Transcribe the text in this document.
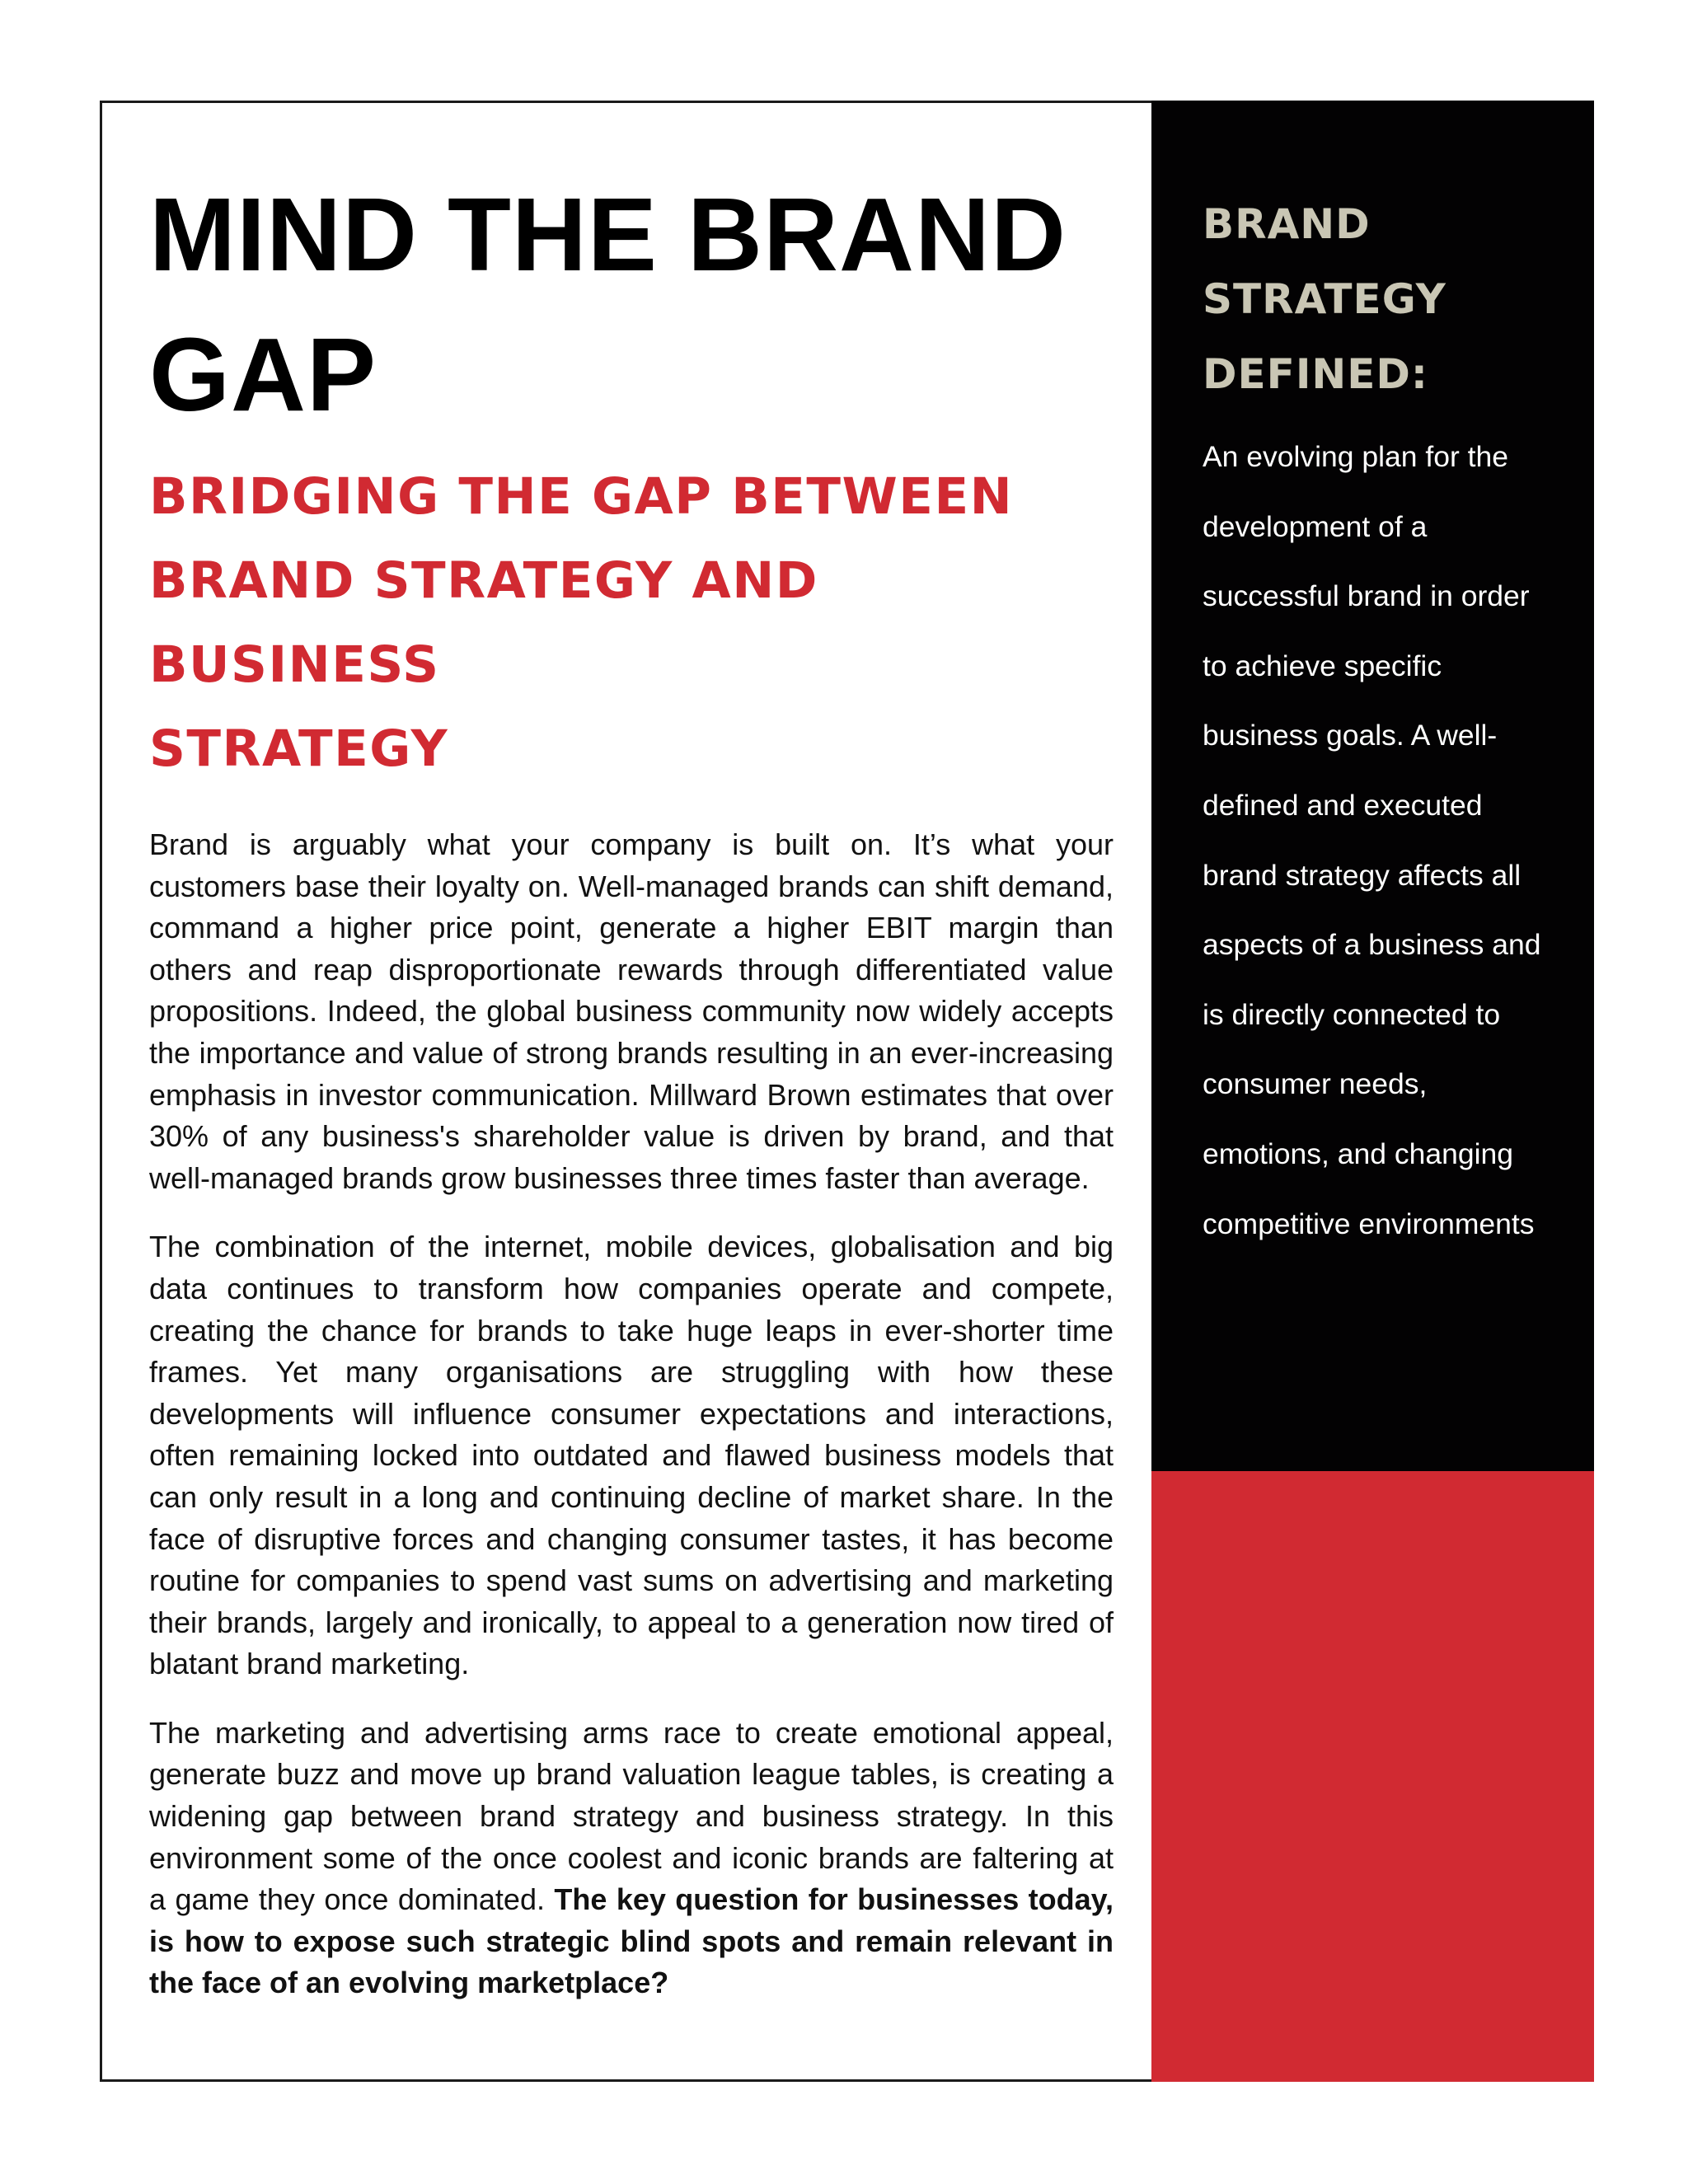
MIND THE BRAND
GAP
BRIDGING THE GAP BETWEEN
BRAND STRATEGY AND BUSINESS
STRATEGY

Brand is arguably what your company is built on. It’s what your customers base their loyalty on. Well-managed brands can shift demand, command a higher price point, generate a higher EBIT margin than others and reap disproportionate rewards through differentiated value propositions. Indeed, the global business community now widely accepts the importance and value of strong brands resulting in an ever-increasing emphasis in investor communication. Millward Brown estimates that over 30% of any business's shareholder value is driven by brand, and that well-managed brands grow businesses three times faster than average.

The combination of the internet, mobile devices, globalisation and big data continues to transform how companies operate and compete, creating the chance for brands to take huge leaps in ever-shorter time frames. Yet many organisations are struggling with how these developments will influence consumer expectations and interactions, often remaining locked into outdated and flawed business models that can only result in a long and continuing decline of market share. In the face of disruptive forces and changing consumer tastes, it has become routine for companies to spend vast sums on advertising and marketing their brands, largely and ironically, to appeal to a generation now tired of blatant brand marketing.

The marketing and advertising arms race to create emotional appeal, generate buzz and move up brand valuation league tables, is creating a widening gap between brand strategy and business strategy. In this environment some of the once coolest and iconic brands are faltering at a game they once dominated. The key question for businesses today, is how to expose such strategic blind spots and remain relevant in the face of an evolving marketplace?

BRAND
STRATEGY
DEFINED:

An evolving plan for the
development of a
successful brand in order
to achieve specific
business goals. A well-
defined and executed
brand strategy affects all
aspects of a business and
is directly connected to
consumer needs,
emotions, and changing
competitive environments
